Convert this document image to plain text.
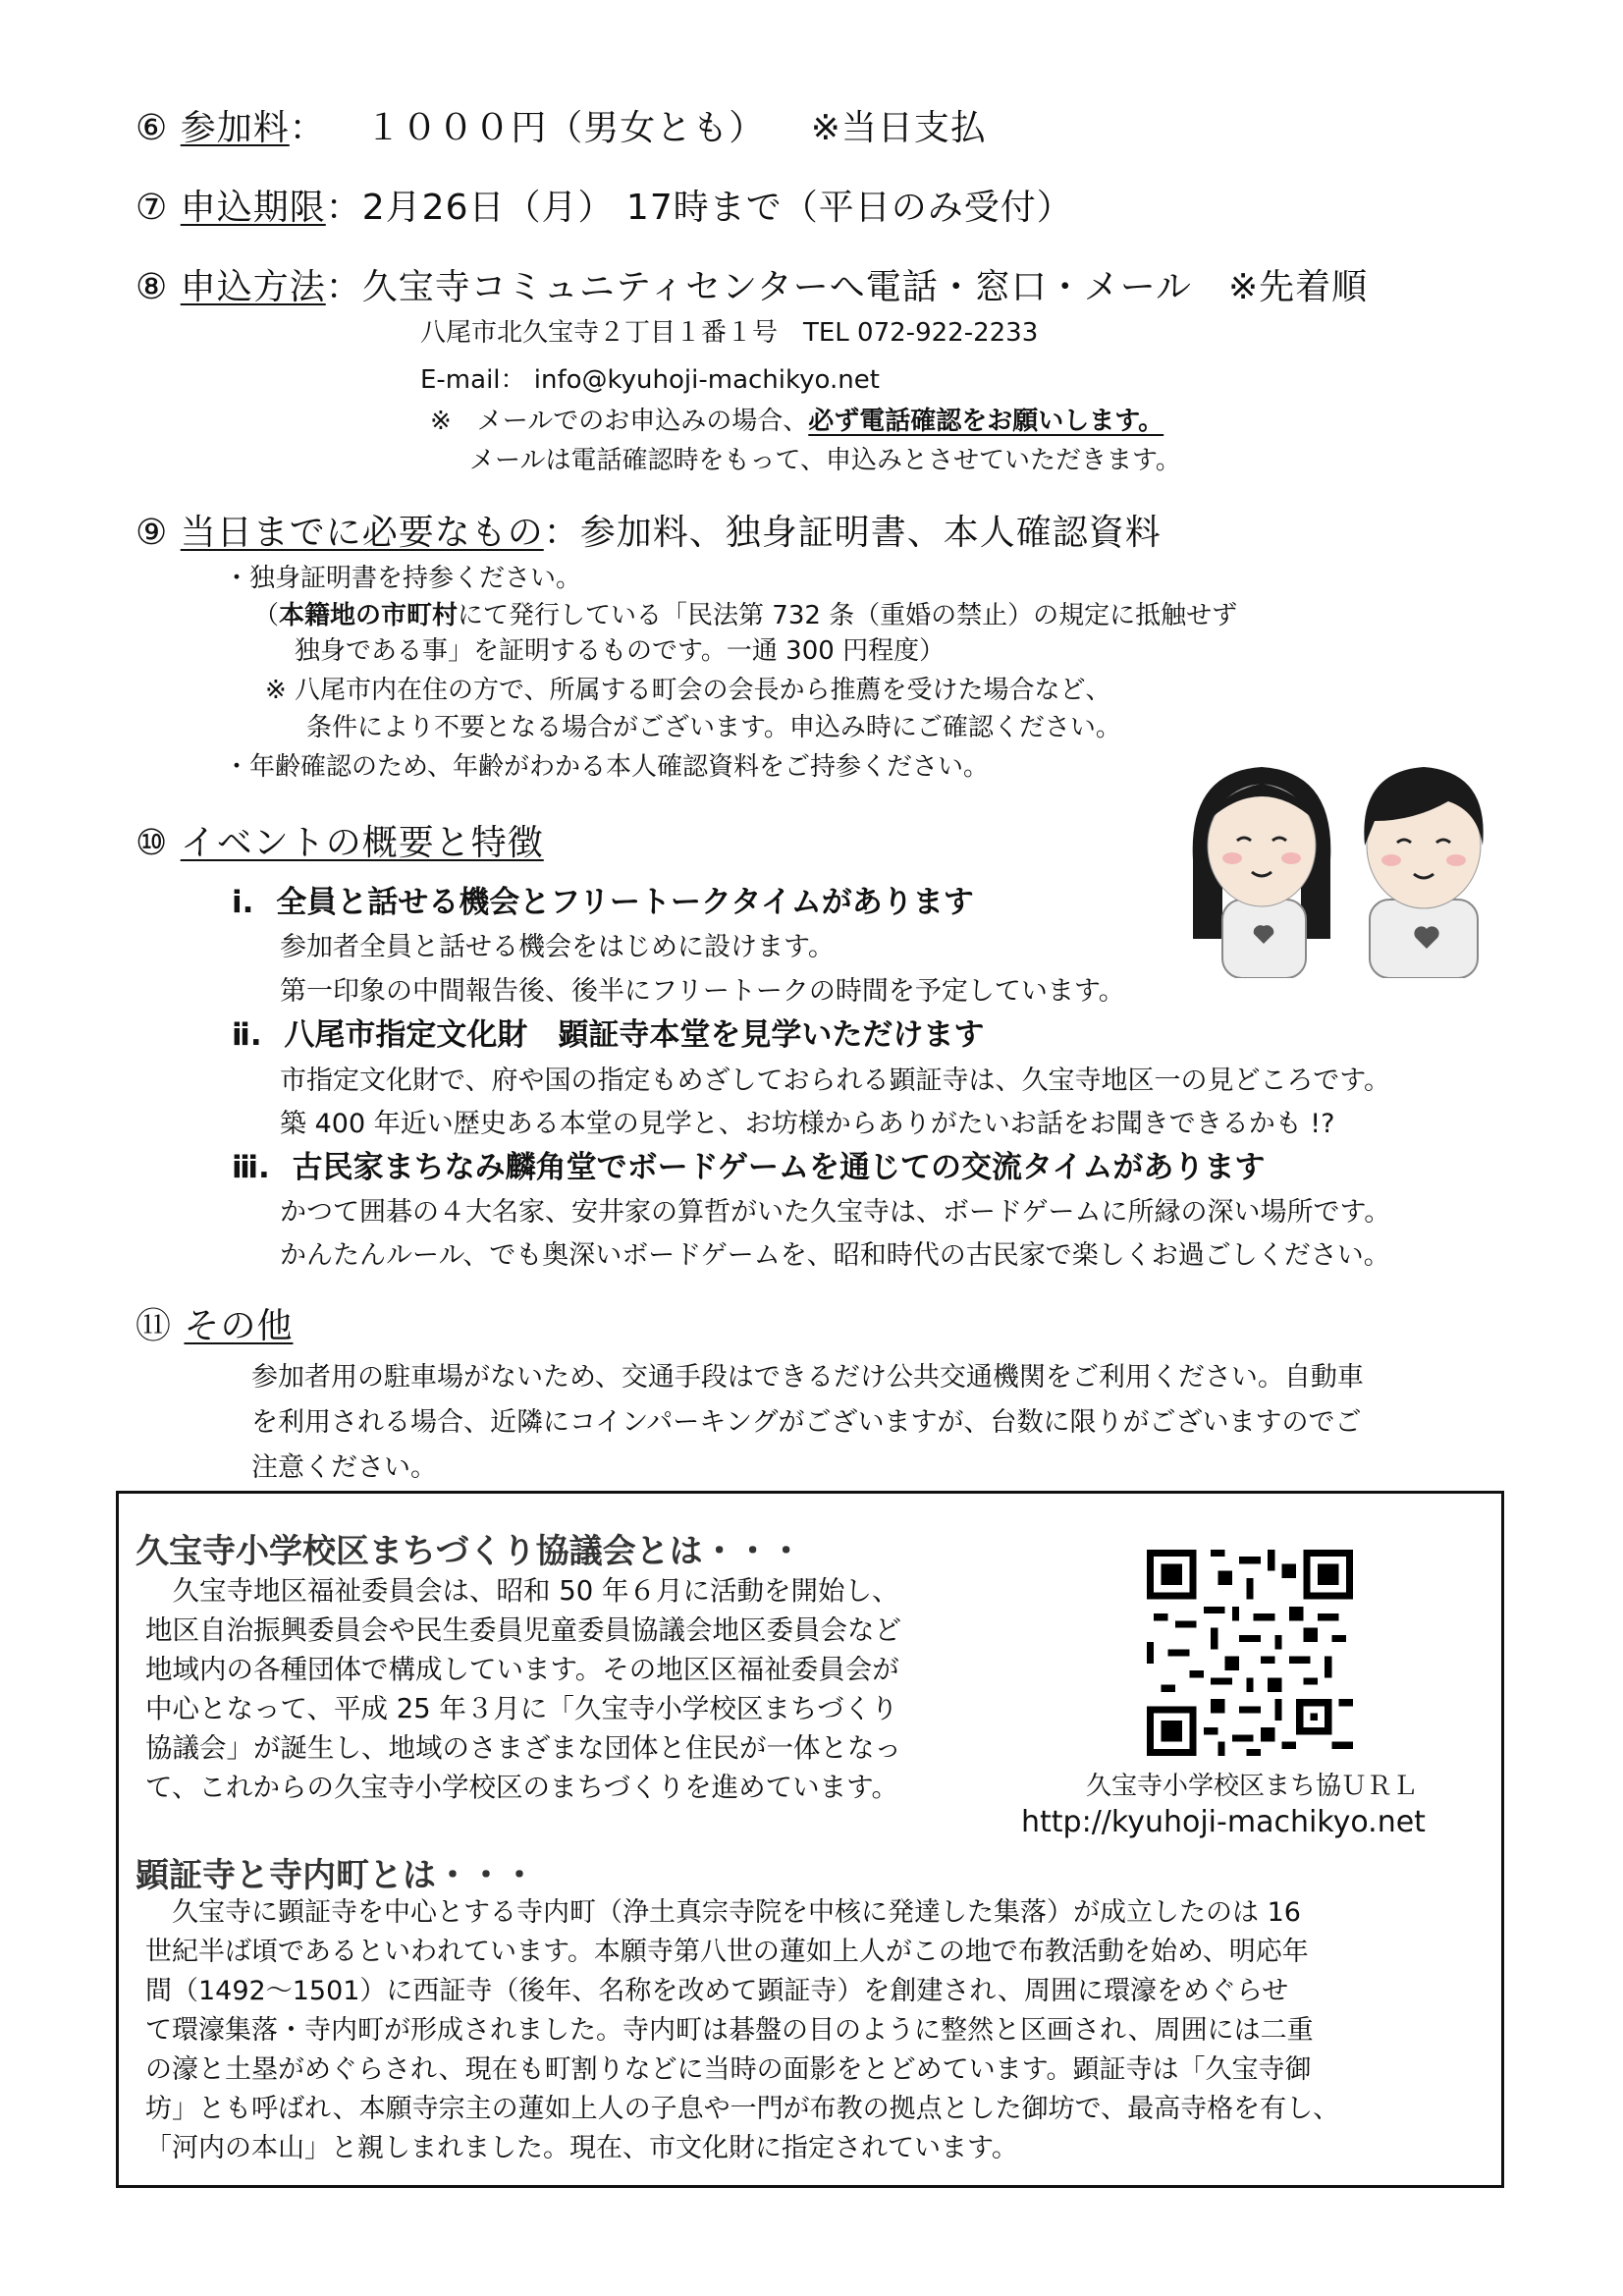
⑥ 参加料： １０００円（男女とも） ※当日支払
⑦ 申込期限：2月26日（月） 17時まで（平日のみ受付）
⑧ 申込方法：久宝寺コミュニティセンターへ電話・窓口・メール　※先着順
八尾市北久宝寺２丁目１番１号　TEL 072-922-2233
E-mail： info@kyuhoji-machikyo.net
※　メールでのお申込みの場合、必ず電話確認をお願いします。
メールは電話確認時をもって、申込みとさせていただきます。
⑨ 当日までに必要なもの：参加料、独身証明書、本人確認資料
・独身証明書を持参ください。
（本籍地の市町村にて発行している「民法第 732 条（重婚の禁止）の規定に抵触せず
独身である事」を証明するものです。一通 300 円程度）
※ 八尾市内在住の方で、所属する町会の会長から推薦を受けた場合など、
条件により不要となる場合がございます。申込み時にご確認ください。
・年齢確認のため、年齢がわかる本人確認資料をご持参ください。
⑩ イベントの概要と特徴
ⅰ. 全員と話せる機会とフリートークタイムがあります
参加者全員と話せる機会をはじめに設けます。
第一印象の中間報告後、後半にフリートークの時間を予定しています。
ⅱ. 八尾市指定文化財　顕証寺本堂を見学いただけます
市指定文化財で、府や国の指定もめざしておられる顕証寺は、久宝寺地区一の見どころです。
築 400 年近い歴史ある本堂の見学と、お坊様からありがたいお話をお聞きできるかも !?
ⅲ. 古民家まちなみ麟角堂でボードゲームを通じての交流タイムがあります
かつて囲碁の４大名家、安井家の算哲がいた久宝寺は、ボードゲームに所縁の深い場所です。
かんたんルール、でも奥深いボードゲームを、昭和時代の古民家で楽しくお過ごしください。
⑪ その他
参加者用の駐車場がないため、交通手段はできるだけ公共交通機関をご利用ください。自動車
を利用される場合、近隣にコインパーキングがございますが、台数に限りがございますのでご
注意ください。
久宝寺小学校区まちづくり協議会とは・・・
　久宝寺地区福祉委員会は、昭和 50 年６月に活動を開始し、
地区自治振興委員会や民生委員児童委員協議会地区委員会など
地域内の各種団体で構成しています。その地区区福祉委員会が
中心となって、平成 25 年３月に「久宝寺小学校区まちづくり
協議会」が誕生し、地域のさまざまな団体と住民が一体となっ
て、これからの久宝寺小学校区のまちづくりを進めています。	久宝寺小学校区まち協ＵＲＬ
http://kyuhoji-machikyo.net
顕証寺と寺内町とは・・・
　久宝寺に顕証寺を中心とする寺内町（浄土真宗寺院を中核に発達した集落）が成立したのは 16
世紀半ば頃であるといわれています。本願寺第八世の蓮如上人がこの地で布教活動を始め、明応年
間（1492～1501）に西証寺（後年、名称を改めて顕証寺）を創建され、周囲に環濠をめぐらせ
て環濠集落・寺内町が形成されました。寺内町は碁盤の目のように整然と区画され、周囲には二重
の濠と土塁がめぐらされ、現在も町割りなどに当時の面影をとどめています。顕証寺は「久宝寺御
坊」とも呼ばれ、本願寺宗主の蓮如上人の子息や一門が布教の拠点とした御坊で、最高寺格を有し、
「河内の本山」と親しまれました。現在、市文化財に指定されています。
